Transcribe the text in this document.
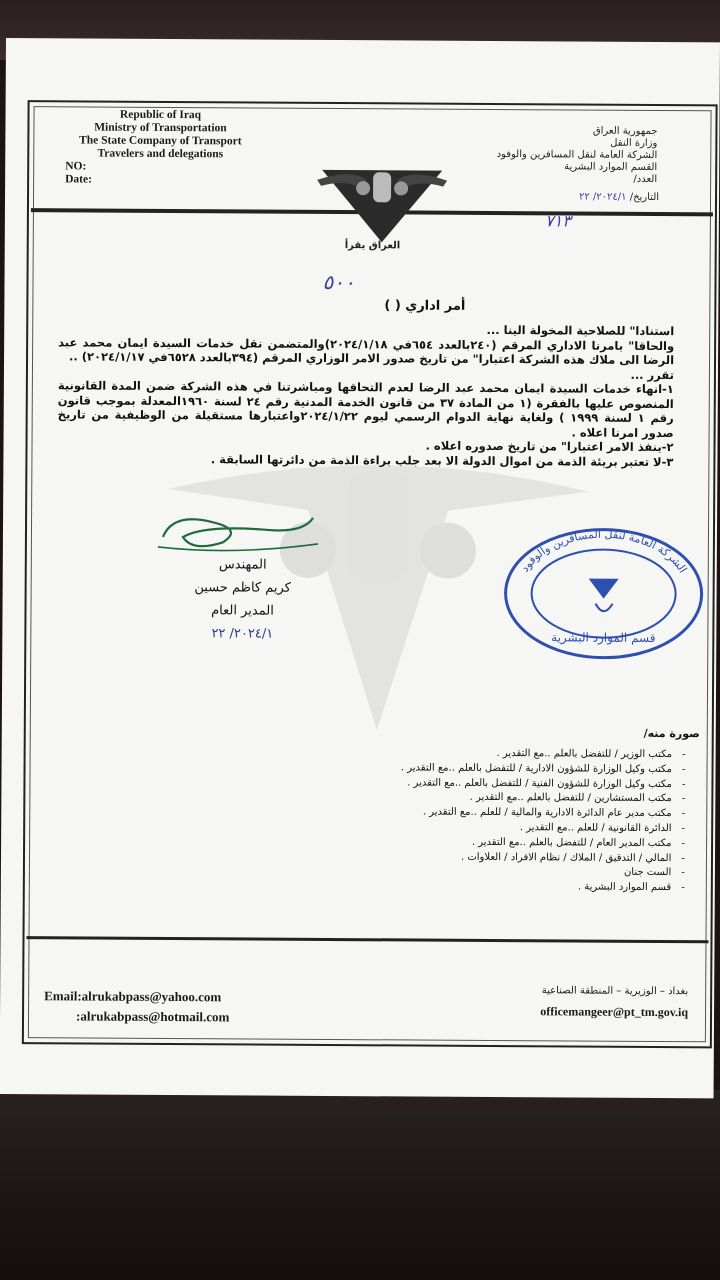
Republic of Iraq
Ministry of Transportation
The State Company of Transport
Travelers and delegations
NO:
Date:
العراق يقرأ
جمهورية العراق
وزارة النقل
الشركة العامة لنقل المسافرين والوفود
القسم الموارد البشرية
العدد/
التاريخ/ ٢٠٢٤/١/ ٢٢
٧١٣
٥٠٠
أمر اداري ( )

استنادا" للصلاحية المخولة الينا ...

والحاقا" بامرنا الاداري المرقم (٢٤٠بالعدد ٦٥٤في ٢٠٢٤/١/١٨)والمتضمن نقل خدمات السيدة ايمان محمد عبد الرضا الى ملاك هذه الشركة اعتبارا" من تاريخ صدور الامر الوزاري المرقم (٣٩٤بالعدد ٦٥٢٨في ٢٠٢٤/١/١٧) ..

تقرر ...

١-انهاء خدمات السيدة ايمان محمد عبد الرضا لعدم التحاقها ومباشرتنا في هذه الشركة ضمن المدة القانونية المنصوص عليها بالفقرة (١ من المادة ٣٧ من قانون الخدمة المدنية رقم ٢٤ لسنة ١٩٦٠المعدلة بموجب قانون رقم ١ لسنة ١٩٩٩ ) ولغاية نهاية الدوام الرسمي ليوم ٢٠٢٤/١/٢٢واعتبارها مستقيلة من الوظيفية من تاريخ صدور امرنا اعلاه .

٢-ينفذ الامر اعتبارا" من تاريخ صدوره اعلاه .

٣-لا تعتبر بريئة الذمة من اموال الدولة الا بعد جلب براءة الذمة من دائرتها السابقة .

المهندس
كريم كاظم حسين
المدير العام
٢٠٢٤/١/ ٢٢
الشركة العامة لنقل المسافرين والوفود
قسم الموارد البشرية
صورة منه/
- مكتب الوزير / للتفضل بالعلم ..مع التقدير .
- مكتب وكيل الوزارة للشؤون الادارية / للتفضل بالعلم ..مع التقدير .
- مكتب وكيل الوزارة للشؤون الفنية / للتفضل بالعلم ..مع التقدير .
- مكتب المستشارين / للتفضل بالعلم ..مع التقدير .
- مكتب مدير عام الدائرة الادارية والمالية / للعلم ..مع التقدير .
- الدائرة القانونية / للعلم ..مع التقدير .
- مكتب المدير العام / للتفضل بالعلم ..مع التقدير .
- المالي / التدقيق / الملاك / نظام الافراد / العلاوات .
- الست جنان
- قسم الموارد البشرية .
Email:alrukabpass@yahoo.com
:alrukabpass@hotmail.com
بغداد – الوزيرية – المنطقة الصناعية
officemangeer@pt_tm.gov.iq
